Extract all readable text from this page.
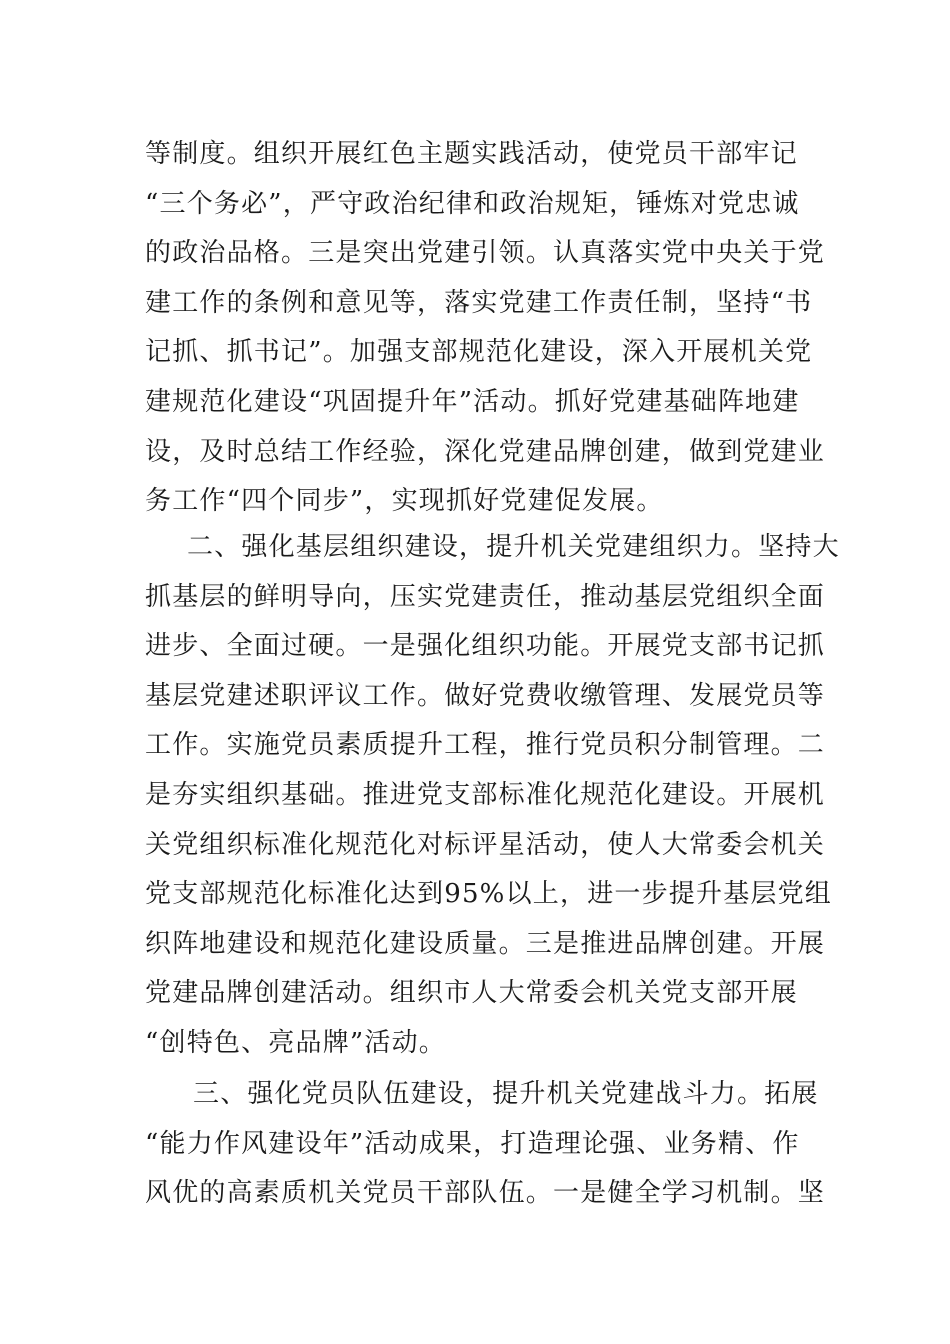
等制度。组织开展红色主题实践活动，使党员干部牢记

“三个务必”，严守政治纪律和政治规矩，锤炼对党忠诚

的政治品格。三是突出党建引领。认真落实党中央关于党

建工作的条例和意见等，落实党建工作责任制，坚持“书

记抓、抓书记”。加强支部规范化建设，深入开展机关党

建规范化建设“巩固提升年”活动。抓好党建基础阵地建

设，及时总结工作经验，深化党建品牌创建，做到党建业

务工作“四个同步”，实现抓好党建促发展。

二、强化基层组织建设，提升机关党建组织力。坚持大

抓基层的鲜明导向，压实党建责任，推动基层党组织全面

进步、全面过硬。一是强化组织功能。开展党支部书记抓

基层党建述职评议工作。做好党费收缴管理、发展党员等

工作。实施党员素质提升工程，推行党员积分制管理。二

是夯实组织基础。推进党支部标准化规范化建设。开展机

关党组织标准化规范化对标评星活动，使人大常委会机关

党支部规范化标准化达到95%以上，进一步提升基层党组

织阵地建设和规范化建设质量。三是推进品牌创建。开展

党建品牌创建活动。组织市人大常委会机关党支部开展

“创特色、亮品牌”活动。

三、强化党员队伍建设，提升机关党建战斗力。拓展

“能力作风建设年”活动成果，打造理论强、业务精、作

风优的高素质机关党员干部队伍。一是健全学习机制。坚
